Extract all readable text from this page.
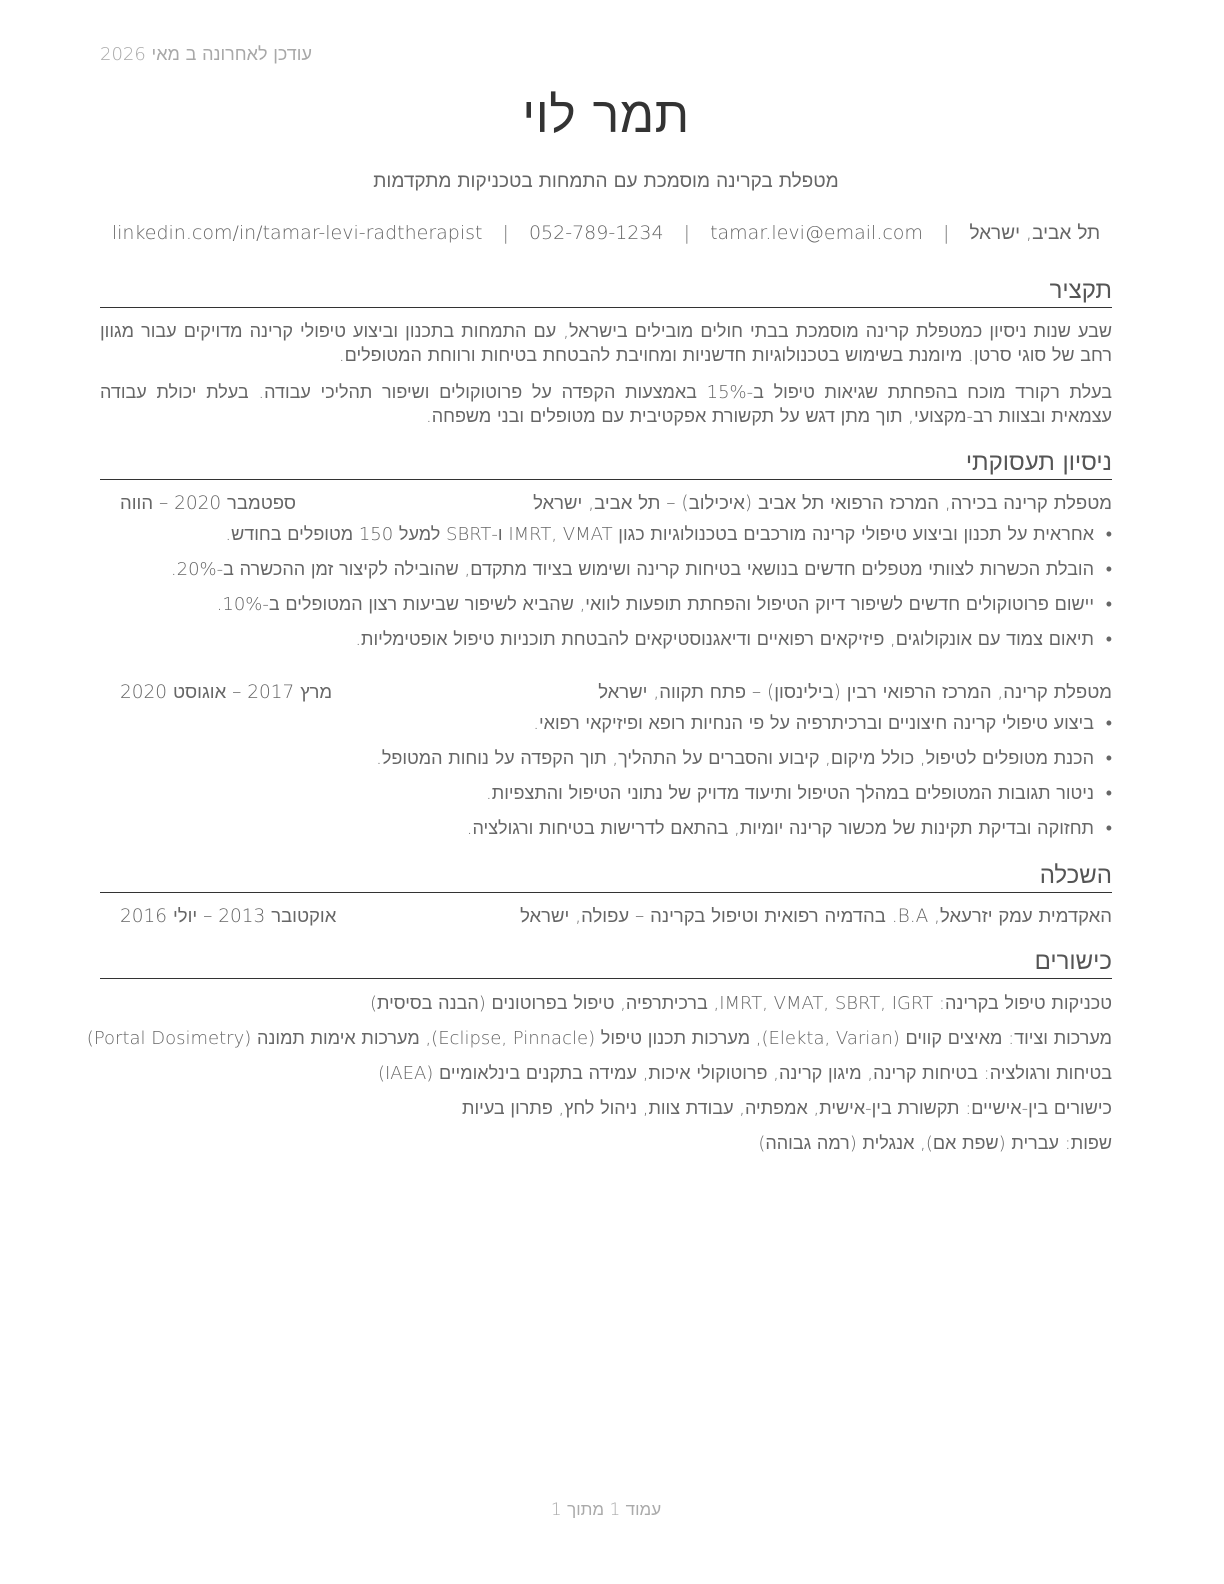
עודכן לאחרונה ב מאי 2026
תמר לוי
מטפלת בקרינה מוסמכת עם התמחות בטכניקות מתקדמות
תל אביב, ישראל | tamar.levi@email.com | 052-789-1234 | linkedin.com/in/tamar-levi-radtherapist
תקציר
שבע שנות ניסיון כמטפלת קרינה מוסמכת בבתי חולים מובילים בישראל, עם התמחות בתכנון וביצוע טיפולי קרינה מדויקים עבור מגוון רחב של סוגי סרטן. מיומנת בשימוש בטכנולוגיות חדשניות ומחויבת להבטחת בטיחות ורווחת המטופלים.
בעלת רקורד מוכח בהפחתת שגיאות טיפול ב-15% באמצעות הקפדה על פרוטוקולים ושיפור תהליכי עבודה. בעלת יכולת עבודה עצמאית ובצוות רב-מקצועי, תוך מתן דגש על תקשורת אפקטיבית עם מטופלים ובני משפחה.
ניסיון תעסוקתי
מטפלת קרינה בכירה, המרכז הרפואי תל אביב (איכילוב) – תל אביב, ישראל
ספטמבר 2020 – הווה
• אחראית על תכנון וביצוע טיפולי קרינה מורכבים בטכנולוגיות כגון IMRT, VMAT ו-SBRT למעל 150 מטופלים בחודש.
• הובלת הכשרות לצוותי מטפלים חדשים בנושאי בטיחות קרינה ושימוש בציוד מתקדם, שהובילה לקיצור זמן ההכשרה ב-20%.
• יישום פרוטוקולים חדשים לשיפור דיוק הטיפול והפחתת תופעות לוואי, שהביא לשיפור שביעות רצון המטופלים ב-10%.
• תיאום צמוד עם אונקולוגים, פיזיקאים רפואיים ודיאגנוסטיקאים להבטחת תוכניות טיפול אופטימליות.
מטפלת קרינה, המרכז הרפואי רבין (בילינסון) – פתח תקווה, ישראל
מרץ 2017 – אוגוסט 2020
• ביצוע טיפולי קרינה חיצוניים וברכיתרפיה על פי הנחיות רופא ופיזיקאי רפואי.
• הכנת מטופלים לטיפול, כולל מיקום, קיבוע והסברים על התהליך, תוך הקפדה על נוחות המטופל.
• ניטור תגובות המטופלים במהלך הטיפול ותיעוד מדויק של נתוני הטיפול והתצפיות.
• תחזוקה ובדיקת תקינות של מכשור קרינה יומיות, בהתאם לדרישות בטיחות ורגולציה.
השכלה
האקדמית עמק יזרעאל, B.A. בהדמיה רפואית וטיפול בקרינה – עפולה, ישראל
אוקטובר 2013 – יולי 2016
כישורים
טכניקות טיפול בקרינה: IMRT, VMAT, SBRT, IGRT, ברכיתרפיה, טיפול בפרוטונים (הבנה בסיסית)
מערכות וציוד: מאיצים קווים (Elekta, Varian), מערכות תכנון טיפול (Eclipse, Pinnacle), מערכות אימות תמונה (Portal Dosimetry)
בטיחות ורגולציה: בטיחות קרינה, מיגון קרינה, פרוטוקולי איכות, עמידה בתקנים בינלאומיים (IAEA)
כישורים בין-אישיים: תקשורת בין-אישית, אמפתיה, עבודת צוות, ניהול לחץ, פתרון בעיות
שפות: עברית (שפת אם), אנגלית (רמה גבוהה)
עמוד 1 מתוך 1
